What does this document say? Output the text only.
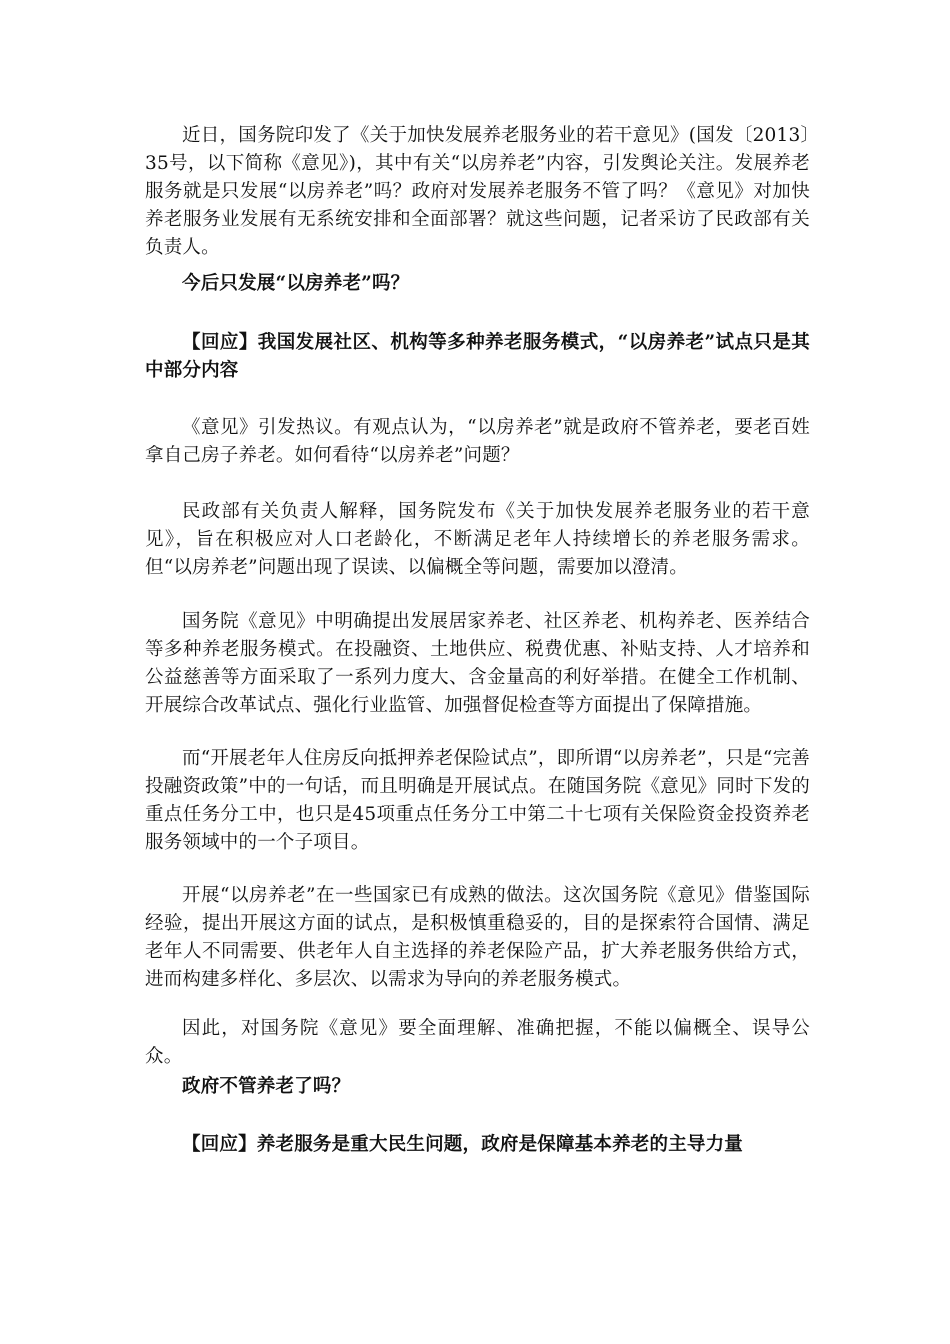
近日，国务院印发了《关于加快发展养老服务业的若干意见》(国发〔2013〕35号，以下简称《意见》)，其中有关“以房养老”内容，引发舆论关注。发展养老服务就是只发展“以房养老”吗？政府对发展养老服务不管了吗？《意见》对加快养老服务业发展有无系统安排和全面部署？就这些问题，记者采访了民政部有关负责人。

今后只发展“以房养老”吗？

【回应】我国发展社区、机构等多种养老服务模式，“以房养老”试点只是其中部分内容

《意见》引发热议。有观点认为，“以房养老”就是政府不管养老，要老百姓拿自己房子养老。如何看待“以房养老”问题？

民政部有关负责人解释，国务院发布《关于加快发展养老服务业的若干意见》，旨在积极应对人口老龄化，不断满足老年人持续增长的养老服务需求。但“以房养老”问题出现了误读、以偏概全等问题，需要加以澄清。

国务院《意见》中明确提出发展居家养老、社区养老、机构养老、医养结合等多种养老服务模式。在投融资、土地供应、税费优惠、补贴支持、人才培养和公益慈善等方面采取了一系列力度大、含金量高的利好举措。在健全工作机制、开展综合改革试点、强化行业监管、加强督促检查等方面提出了保障措施。

而“开展老年人住房反向抵押养老保险试点”，即所谓“以房养老”，只是“完善投融资政策”中的一句话，而且明确是开展试点。在随国务院《意见》同时下发的重点任务分工中，也只是45项重点任务分工中第二十七项有关保险资金投资养老服务领域中的一个子项目。

开展“以房养老”在一些国家已有成熟的做法。这次国务院《意见》借鉴国际经验，提出开展这方面的试点，是积极慎重稳妥的，目的是探索符合国情、满足老年人不同需要、供老年人自主选择的养老保险产品，扩大养老服务供给方式，进而构建多样化、多层次、以需求为导向的养老服务模式。

因此，对国务院《意见》要全面理解、准确把握，不能以偏概全、误导公众。

政府不管养老了吗？

【回应】养老服务是重大民生问题，政府是保障基本养老的主导力量
